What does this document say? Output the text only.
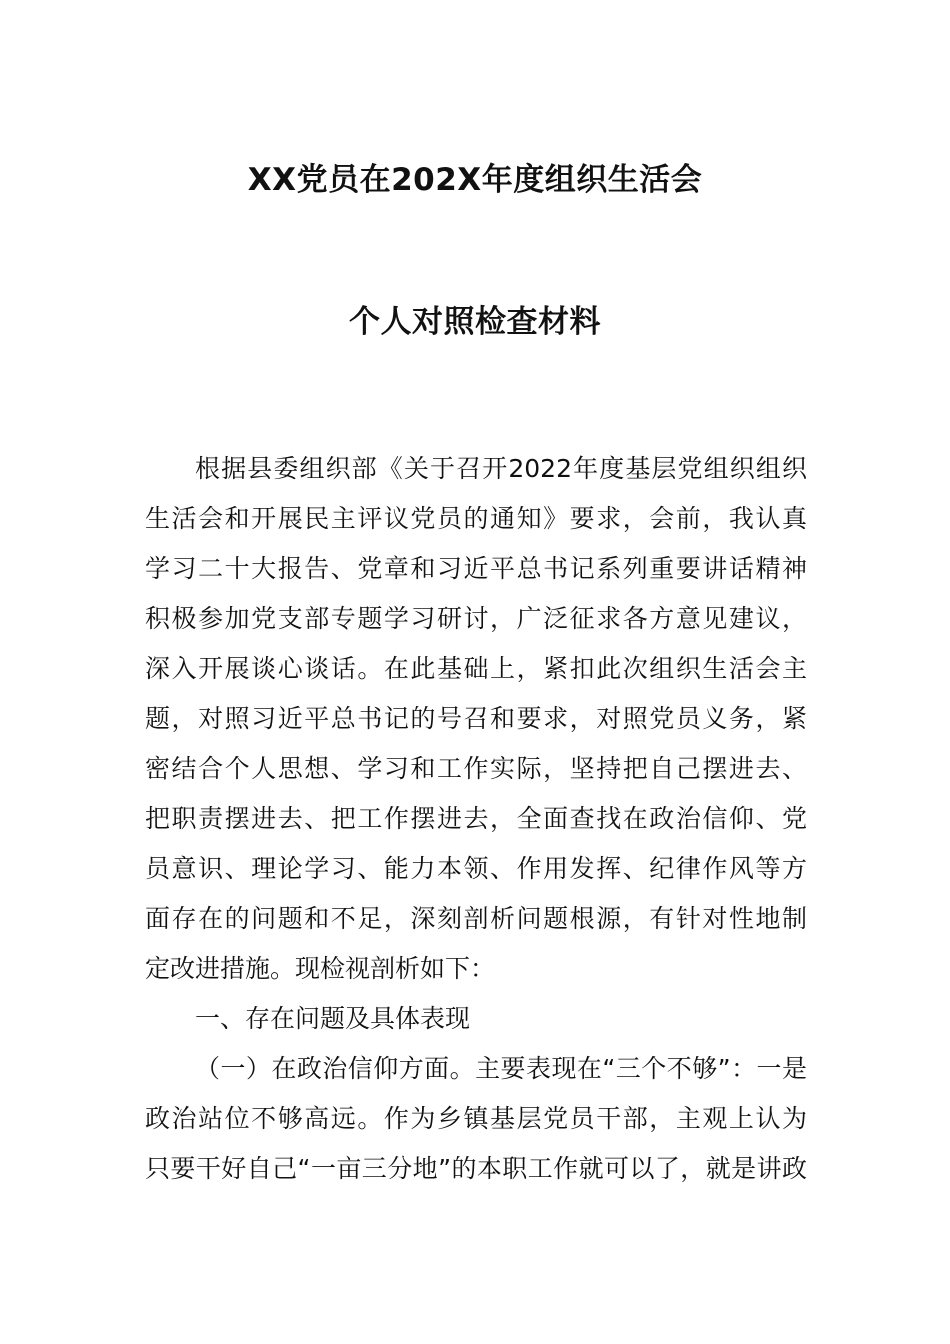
XX党员在202X年度组织生活会
个人对照检查材料
根据县委组织部《关于召开2022年度基层党组织组织
生活会和开展民主评议党员的通知》要求，会前，我认真
学习二十大报告、党章和习近平总书记系列重要讲话精神
积极参加党支部专题学习研讨，广泛征求各方意见建议，
深入开展谈心谈话。在此基础上，紧扣此次组织生活会主
题，对照习近平总书记的号召和要求，对照党员义务，紧
密结合个人思想、学习和工作实际，坚持把自己摆进去、
把职责摆进去、把工作摆进去，全面查找在政治信仰、党
员意识、理论学习、能力本领、作用发挥、纪律作风等方
面存在的问题和不足，深刻剖析问题根源，有针对性地制
定改进措施。现检视剖析如下：
一、存在问题及具体表现
（一）在政治信仰方面。主要表现在“三个不够”：一是
政治站位不够高远。作为乡镇基层党员干部，主观上认为
只要干好自己“一亩三分地”的本职工作就可以了，就是讲政
